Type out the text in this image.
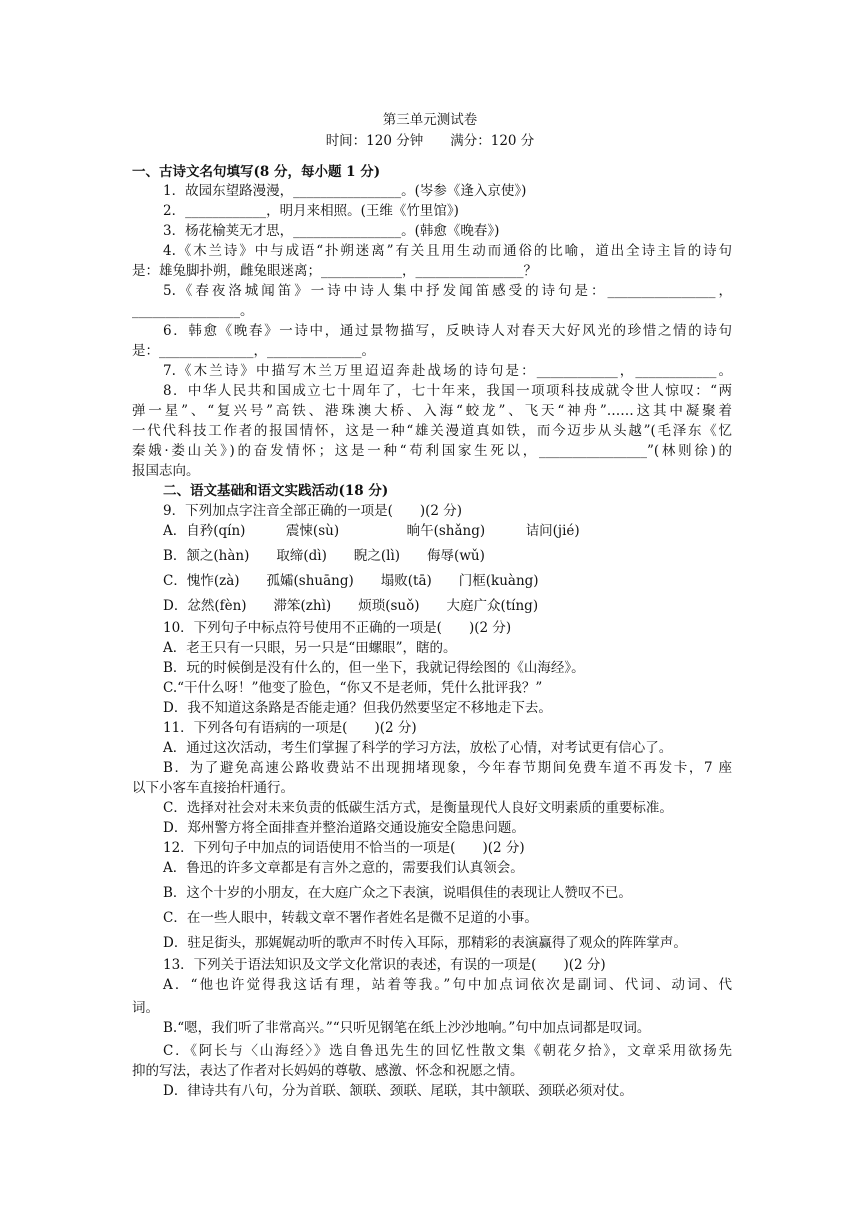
第三单元测试卷
时间：120 分钟　　满分：120 分
一、古诗文名句填写(8 分，每小题 1 分)
1．故园东望路漫漫，________________。(岑参《逢入京使》)
2．____________，明月来相照。(王维《竹里馆》)
3．杨花榆荚无才思，________________。(韩愈《晚春》)
4.《木兰诗》中与成语“扑朔迷离”有关且用生动而通俗的比喻，道出全诗主旨的诗句
是：雄兔脚扑朔，雌兔眼迷离；____________，________________？
5.《春夜洛城闻笛》一诗中诗人集中抒发闻笛感受的诗句是：________________，
________________。
6．韩愈《晚春》一诗中，通过景物描写，反映诗人对春天大好风光的珍惜之情的诗句
是：______________，______________。
7.《木兰诗》中描写木兰万里迢迢奔赴战场的诗句是：____________，____________。
8．中华人民共和国成立七十周年了，七十年来，我国一项项科技成就令世人惊叹：“两
弹一星”、“复兴号”高铁、港珠澳大桥、入海“蛟龙”、飞天“神舟”……这其中凝聚着
一代代科技工作者的报国情怀，这是一种“雄关漫道真如铁，而今迈步从头越”(毛泽东《忆
秦娥·娄山关》)的奋发情怀；这是一种“苟利国家生死以，________________”(林则徐)的
报国志向。
二、语文基础和语文实践活动(18 分)
9．下列加点字注音全部正确的一项是(　　)(2 分)
A．自矜(qín)　　　震悚(sù)　　　　　晌午(shǎng)　　　诘问(jié)
B．颔之(hàn)　　取缔(dì)　　睨之(lì)　　侮辱(wǔ)
C．愧怍(zà)　　孤孀(shuāng)　　塌败(tā)　　门框(kuàng)
D．忿然(fèn)　　滞笨(zhì)　　烦琐(suǒ)　　大庭广众(tíng)
10．下列句子中标点符号使用不正确的一项是(　　)(2 分)
A．老王只有一只眼，另一只是“田螺眼”，瞎的。
B．玩的时候倒是没有什么的，但一坐下，我就记得绘图的《山海经》。
C.“干什么呀！”他变了脸色，“你又不是老师，凭什么批评我？”
D．我不知道这条路是否能走通？但我仍然要坚定不移地走下去。
11．下列各句有语病的一项是(　　)(2 分)
A．通过这次活动，考生们掌握了科学的学习方法，放松了心情，对考试更有信心了。
B．为了避免高速公路收费站不出现拥堵现象，今年春节期间免费车道不再发卡，7 座
以下小客车直接抬杆通行。
C．选择对社会对未来负责的低碳生活方式，是衡量现代人良好文明素质的重要标准。
D．郑州警方将全面排查并整治道路交通设施安全隐患问题。
12．下列句子中加点的词语使用不恰当的一项是(　　)(2 分)
A．鲁迅的许多文章都是有言外之意的，需要我们认真领会。
B．这个十岁的小朋友，在大庭广众之下表演，说唱俱佳的表现让人赞叹不已。
C．在一些人眼中，转载文章不署作者姓名是微不足道的小事。
D．驻足街头，那娓娓动听的歌声不时传入耳际，那精彩的表演赢得了观众的阵阵掌声。
13．下列关于语法知识及文学文化常识的表述，有误的一项是(　　)(2 分)
A．“他也许觉得我这话有理，站着等我。”句中加点词依次是副词、代词、动词、代
词。
B.“嗯，我们听了非常高兴。”“只听见钢笔在纸上沙沙地响。”句中加点词都是叹词。
C．《阿长与〈山海经〉》选自鲁迅先生的回忆性散文集《朝花夕拾》，文章采用欲扬先
抑的写法，表达了作者对长妈妈的尊敬、感激、怀念和祝愿之情。
D．律诗共有八句，分为首联、颔联、颈联、尾联，其中颔联、颈联必须对仗。
